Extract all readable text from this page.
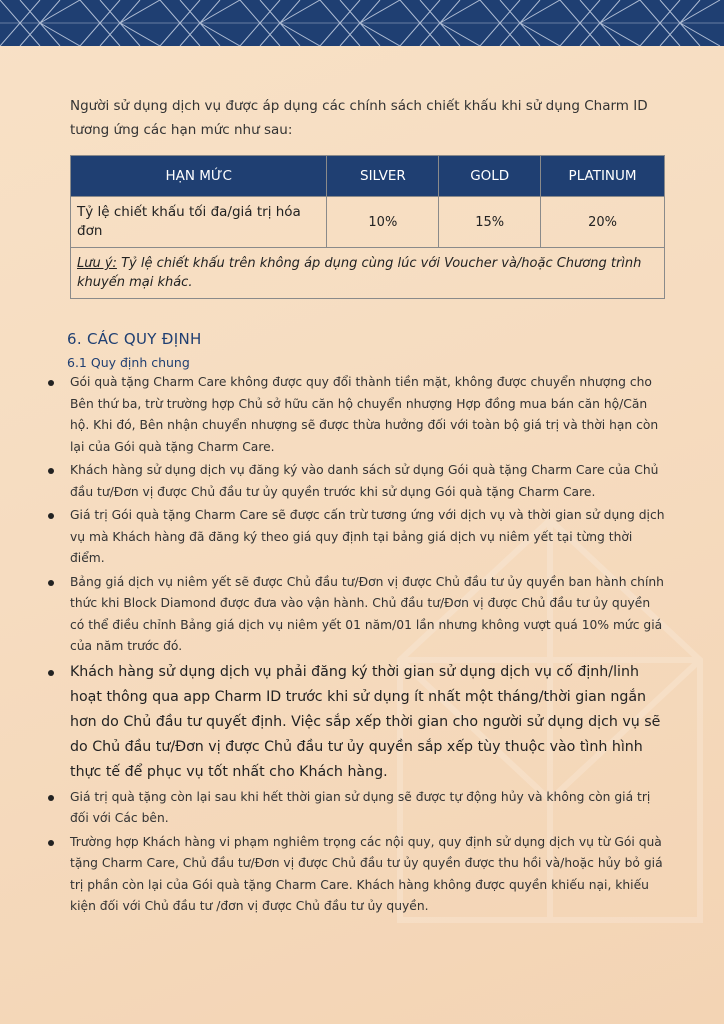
Người sử dụng dịch vụ được áp dụng các chính sách chiết khấu khi sử dụng Charm ID tương ứng các hạn mức như sau:

HẠN MỨC	SILVER	GOLD	PLATINUM
Tỷ lệ chiết khấu tối đa/giá trị hóa đơn	10%	15%	20%
Lưu ý: Tỷ lệ chiết khấu trên không áp dụng cùng lúc với Voucher và/hoặc Chương trình khuyến mại khác.			
6. CÁC QUY ĐỊNH
6.1 Quy định chung
Gói quà tặng Charm Care không được quy đổi thành tiền mặt, không được chuyển nhượng cho Bên thứ ba, trừ trường hợp Chủ sở hữu căn hộ chuyển nhượng Hợp đồng mua bán căn hộ/Căn hộ. Khi đó, Bên nhận chuyển nhượng sẽ được thừa hưởng đối với toàn bộ giá trị và thời hạn còn lại của Gói quà tặng Charm Care.
Khách hàng sử dụng dịch vụ đăng ký vào danh sách sử dụng Gói quà tặng Charm Care của Chủ đầu tư/Đơn vị được Chủ đầu tư ủy quyền trước khi sử dụng Gói quà tặng Charm Care.
Giá trị Gói quà tặng Charm Care sẽ được cấn trừ tương ứng với dịch vụ và thời gian sử dụng dịch vụ mà Khách hàng đã đăng ký theo giá quy định tại bảng giá dịch vụ niêm yết tại từng thời điểm.
Bảng giá dịch vụ niêm yết sẽ được Chủ đầu tư/Đơn vị được Chủ đầu tư ủy quyền ban hành chính thức khi Block Diamond được đưa vào vận hành. Chủ đầu tư/Đơn vị được Chủ đầu tư ủy quyền có thể điều chỉnh Bảng giá dịch vụ niêm yết 01 năm/01 lần nhưng không vượt quá 10% mức giá của năm trước đó.
Khách hàng sử dụng dịch vụ phải đăng ký thời gian sử dụng dịch vụ cố định/linh hoạt thông qua app Charm ID trước khi sử dụng ít nhất một tháng/thời gian ngắn hơn do Chủ đầu tư quyết định. Việc sắp xếp thời gian cho người sử dụng dịch vụ sẽ do Chủ đầu tư/Đơn vị được Chủ đầu tư ủy quyền sắp xếp tùy thuộc vào tình hình thực tế để phục vụ tốt nhất cho Khách hàng.
Giá trị quà tặng còn lại sau khi hết thời gian sử dụng sẽ được tự động hủy và không còn giá trị đối với Các bên.
Trường hợp Khách hàng vi phạm nghiêm trọng các nội quy, quy định sử dụng dịch vụ từ Gói quà tặng Charm Care, Chủ đầu tư/Đơn vị được Chủ đầu tư ủy quyền được thu hồi và/hoặc hủy bỏ giá trị phần còn lại của Gói quà tặng Charm Care. Khách hàng không được quyền khiếu nại, khiếu kiện đối với Chủ đầu tư /đơn vị được Chủ đầu tư ủy quyền.
